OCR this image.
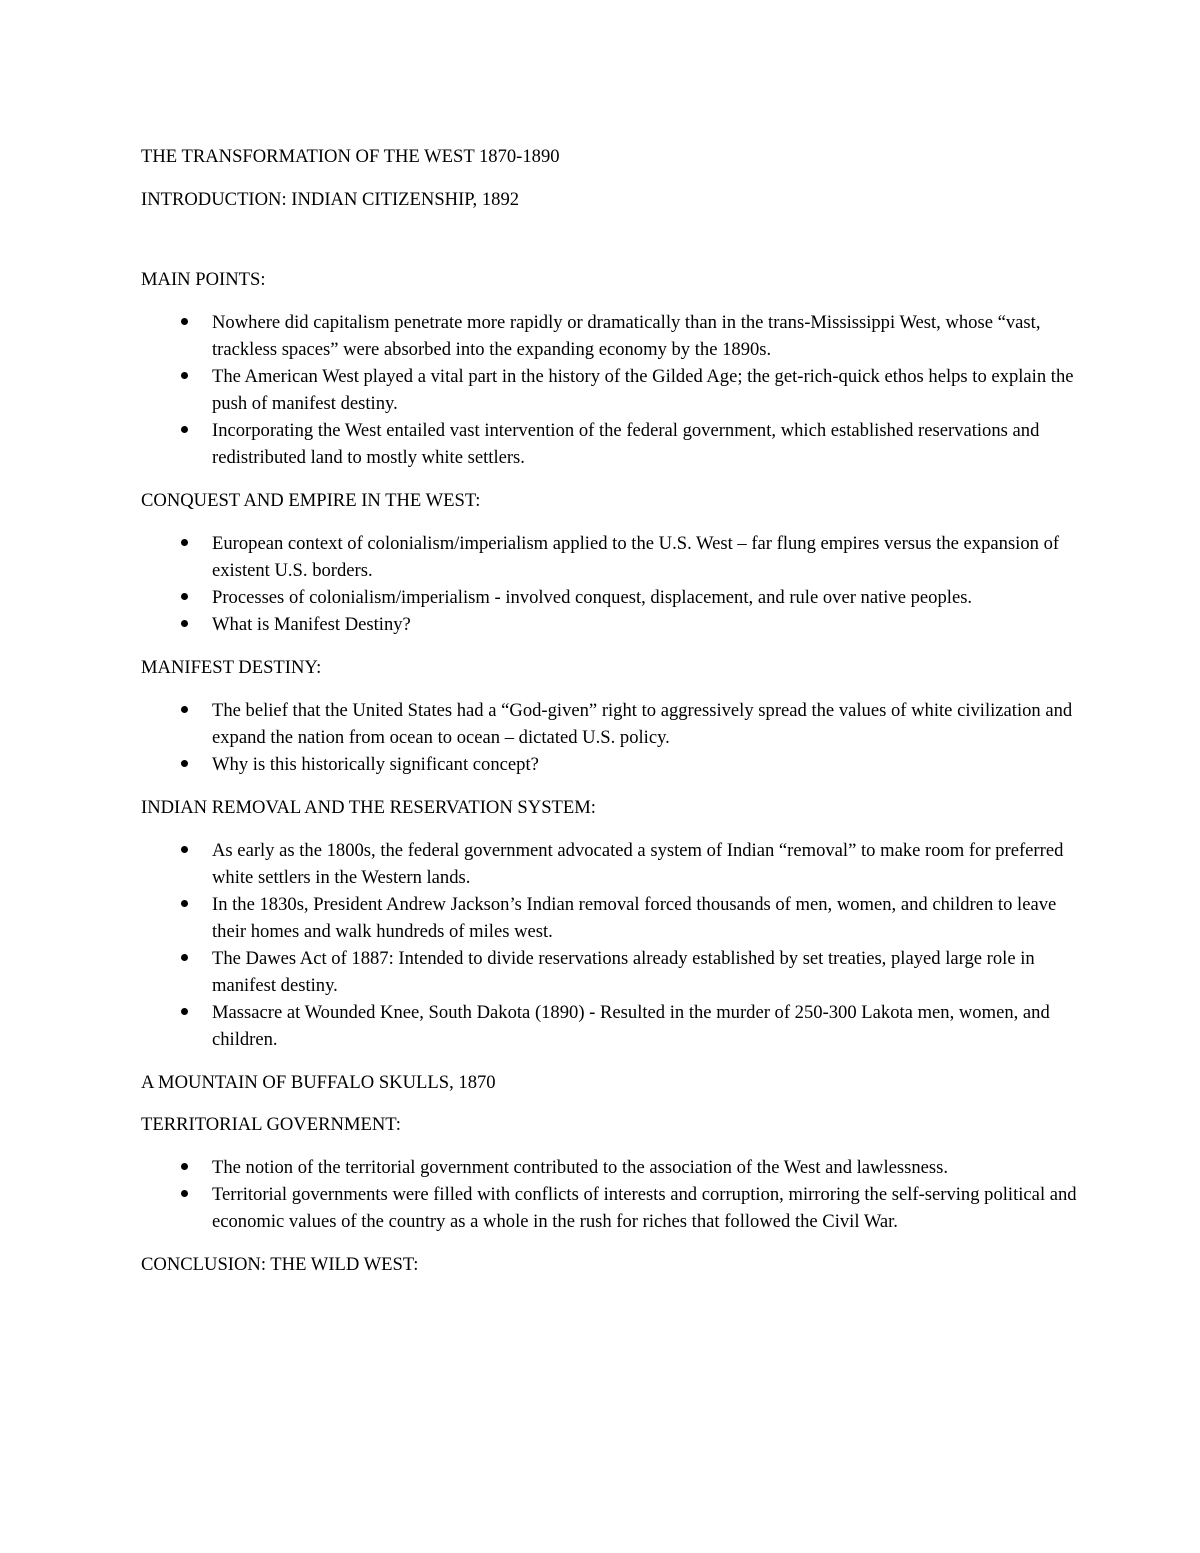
THE TRANSFORMATION OF THE WEST 1870-1890

INTRODUCTION: INDIAN CITIZENSHIP, 1892

MAIN POINTS:

Nowhere did capitalism penetrate more rapidly or dramatically than in the trans-Mississippi West, whose “vast, trackless spaces” were absorbed into the expanding economy by the 1890s.
The American West played a vital part in the history of the Gilded Age; the get-rich-quick ethos helps to explain the push of manifest destiny.
Incorporating the West entailed vast intervention of the federal government, which established reservations and redistributed land to mostly white settlers.

CONQUEST AND EMPIRE IN THE WEST:

European context of colonialism/imperialism applied to the U.S. West – far flung empires versus the expansion of existent U.S. borders.
Processes of colonialism/imperialism - involved conquest, displacement, and rule over native peoples.
What is Manifest Destiny?

MANIFEST DESTINY:

The belief that the United States had a “God-given” right to aggressively spread the values of white civilization and expand the nation from ocean to ocean – dictated U.S. policy.
Why is this historically significant concept?

INDIAN REMOVAL AND THE RESERVATION SYSTEM:

As early as the 1800s, the federal government advocated a system of Indian “removal” to make room for preferred white settlers in the Western lands.
In the 1830s, President Andrew Jackson’s Indian removal forced thousands of men, women, and children to leave their homes and walk hundreds of miles west.
The Dawes Act of 1887: Intended to divide reservations already established by set treaties, played large role in manifest destiny.
Massacre at Wounded Knee, South Dakota (1890) - Resulted in the murder of 250-300 Lakota men, women, and children.

A MOUNTAIN OF BUFFALO SKULLS, 1870

TERRITORIAL GOVERNMENT:

The notion of the territorial government contributed to the association of the West and lawlessness.
Territorial governments were filled with conflicts of interests and corruption, mirroring the self-serving political and economic values of the country as a whole in the rush for riches that followed the Civil War.

CONCLUSION: THE WILD WEST:
